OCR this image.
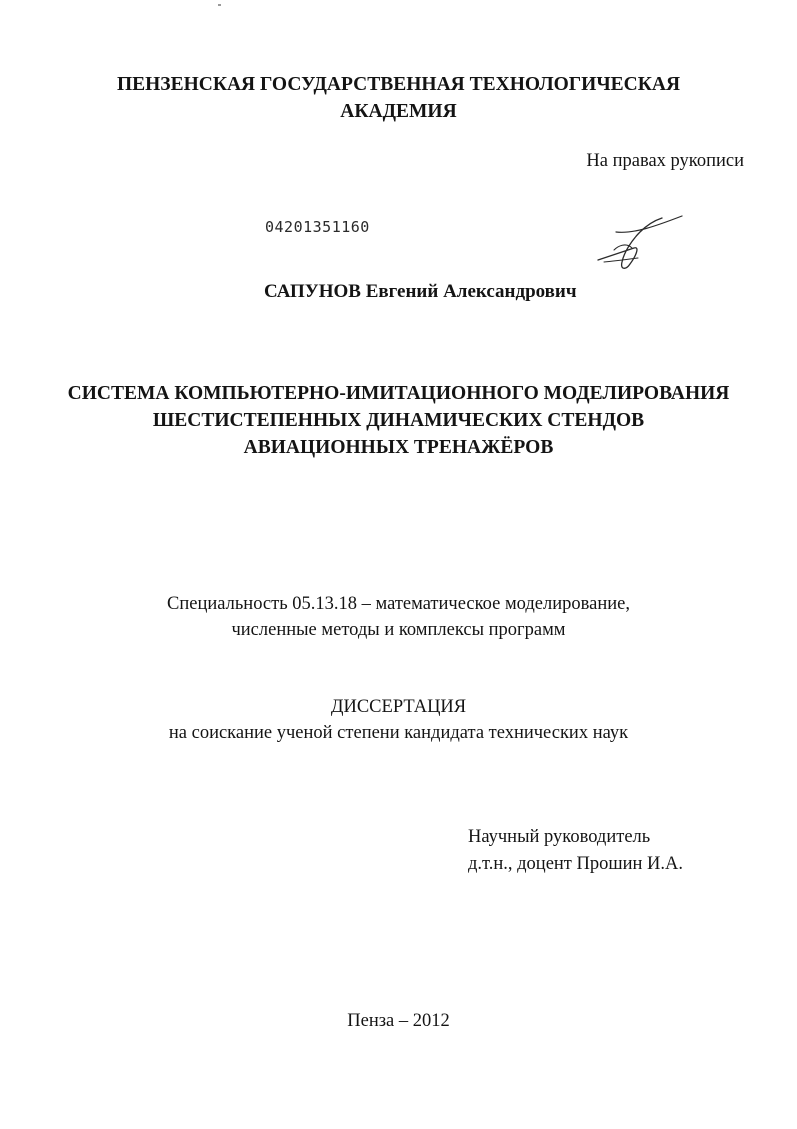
ПЕНЗЕНСКАЯ ГОСУДАРСТВЕННАЯ ТЕХНОЛОГИЧЕСКАЯ
АКАДЕМИЯ
На правах рукописи
04201351160
САПУНОВ Евгений Александрович
СИСТЕМА КОМПЬЮТЕРНО-ИМИТАЦИОННОГО МОДЕЛИРОВАНИЯ
ШЕСТИСТЕПЕННЫХ ДИНАМИЧЕСКИХ СТЕНДОВ
АВИАЦИОННЫХ ТРЕНАЖЁРОВ
Специальность 05.13.18 – математическое моделирование,
численные методы и комплексы программ
ДИССЕРТАЦИЯ
на соискание ученой степени кандидата технических наук
Научный руководитель
д.т.н., доцент Прошин И.А.
Пенза – 2012
